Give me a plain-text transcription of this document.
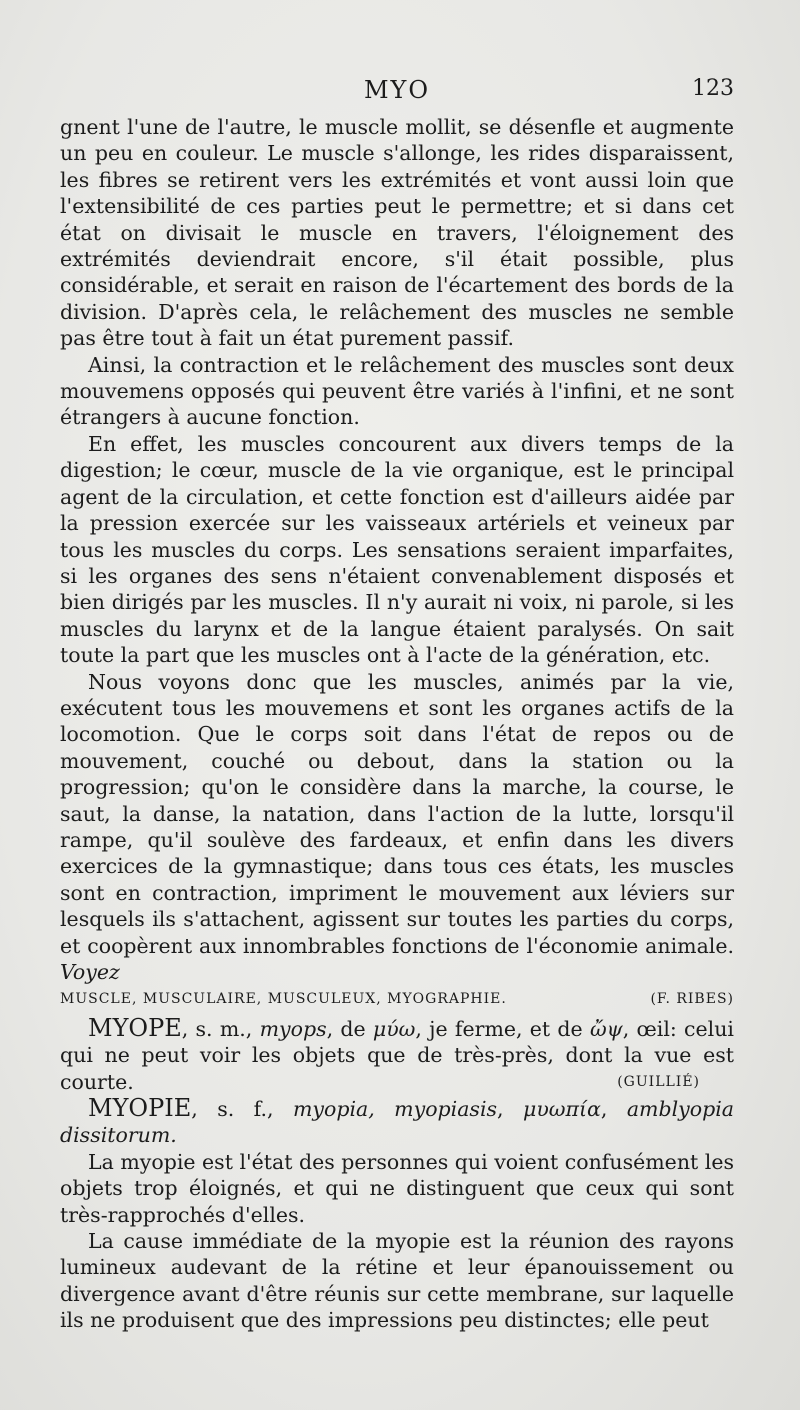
MYO	123

gnent l'une de l'autre, le muscle mollit, se désenfle et augmente un peu en couleur. Le muscle s'allonge, les rides disparaissent, les fibres se retirent vers les extrémités et vont aussi loin que l'extensibilité de ces parties peut le permettre; et si dans cet état on divisait le muscle en travers, l'éloignement des extrémités deviendrait encore, s'il était possible, plus considérable, et serait en raison de l'écartement des bords de la division. D'après cela, le relâchement des muscles ne semble pas être tout à fait un état purement passif.

Ainsi, la contraction et le relâchement des muscles sont deux mouvemens opposés qui peuvent être variés à l'infini, et ne sont étrangers à aucune fonction.

En effet, les muscles concourent aux divers temps de la digestion; le cœur, muscle de la vie organique, est le principal agent de la circulation, et cette fonction est d'ailleurs aidée par la pression exercée sur les vaisseaux artériels et veineux par tous les muscles du corps. Les sensations seraient imparfaites, si les organes des sens n'étaient convenablement disposés et bien dirigés par les muscles. Il n'y aurait ni voix, ni parole, si les muscles du larynx et de la langue étaient paralysés. On sait toute la part que les muscles ont à l'acte de la génération, etc.

Nous voyons donc que les muscles, animés par la vie, exécutent tous les mouvemens et sont les organes actifs de la locomotion. Que le corps soit dans l'état de repos ou de mouvement, couché ou debout, dans la station ou la progression; qu'on le considère dans la marche, la course, le saut, la danse, la natation, dans l'action de la lutte, lorsqu'il rampe, qu'il soulève des fardeaux, et enfin dans les divers exercices de la gymnastique; dans tous ces états, les muscles sont en contraction, impriment le mouvement aux léviers sur lesquels ils s'attachent, agissent sur toutes les parties du corps, et coopèrent aux innombrables fonctions de l'économie animale. Voyez

MUSCLE, MUSCULAIRE, MUSCULEUX, MYOGRAPHIE.	(F. RIBES)

MYOPE, s. m., myops, de μύω, je ferme, et de ὤψ, œil: celui qui ne peut voir les objets que de très-près, dont la vue est courte.	(GUILLIÉ)

MYOPIE, s. f., myopia, myopiasis, μυωπία, amblyopia dissitorum.

La myopie est l'état des personnes qui voient confusément les objets trop éloignés, et qui ne distinguent que ceux qui sont très-rapprochés d'elles.

La cause immédiate de la myopie est la réunion des rayons lumineux audevant de la rétine et leur épanouissement ou divergence avant d'être réunis sur cette membrane, sur laquelle ils ne produisent que des impressions peu distinctes; elle peut
